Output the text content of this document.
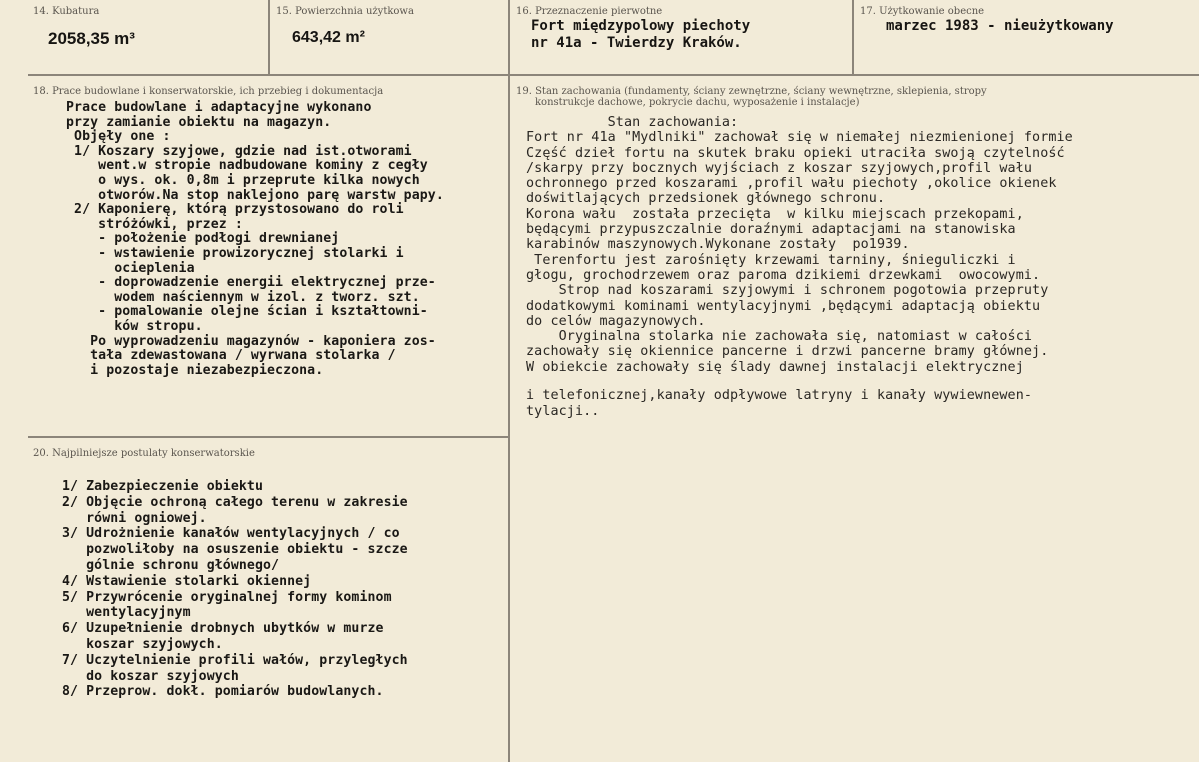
14. Kubatura
2058,35 m³
15. Powierzchnia użytkowa
643,42 m²
16. Przeznaczenie pierwotne
Fort międzypolowy piechoty
nr 41a - Twierdzy Kraków.
17. Użytkowanie obecne
marzec 1983 - nieużytkowany
18. Prace budowlane i konserwatorskie, ich przebieg i dokumentacja
Prace budowlane i adaptacyjne wykonano
przy zamianie obiektu na magazyn.
Objęły one :
1/ Koszary szyjowe, gdzie nad ist.otworami
went.w stropie nadbudowane kominy z cegły
o wys. ok. 0,8m i przeprute kilka nowych
otworów.Na stop naklejono parę warstw papy.
2/ Kaponierę, którą przystosowano do roli
stróżówki, przez :
- położenie podłogi drewnianej
- wstawienie prowizorycznej stolarki i
ocieplenia
- doprowadzenie energii elektrycznej prze-
wodem naściennym w izol. z tworz. szt.
- pomalowanie olejne ścian i kształtowni-
ków stropu.
Po wyprowadzeniu magazynów - kaponiera zos-
tała zdewastowana / wyrwana stolarka /
i pozostaje niezabezpieczona.
19. Stan zachowania (fundamenty, ściany zewnętrzne, ściany wewnętrzne, sklepienia, stropy
konstrukcje dachowe, pokrycie dachu, wyposażenie i instalacje)
Stan zachowania:
Fort nr 41a "Mydlniki" zachował się w niemałej niezmienionej formie
Część dzieł fortu na skutek braku opieki utraciła swoją czytelność
/skarpy przy bocznych wyjściach z koszar szyjowych,profil wału
ochronnego przed koszarami ,profil wału piechoty ,okolice okienek
doświtlających przedsionek głównego schronu.
Korona wału  została przecięta  w kilku miejscach przekopami,
będącymi przypuszczalnie doraźnymi adaptacjami na stanowiska
karabinów maszynowych.Wykonane zostały  po1939.
Terenfortu jest zarośnięty krzewami tarniny, śnieguliczki i
głogu, grochodrzewem oraz paroma dzikiemi drzewkami  owocowymi.
Strop nad koszarami szyjowymi i schronem pogotowia przepruty
dodatkowymi kominami wentylacyjnymi ,będącymi adaptacją obiektu
do celów magazynowych.
Oryginalna stolarka nie zachowała się, natomiast w całości
zachowały się okiennice pancerne i drzwi pancerne bramy głównej.
W obiekcie zachowały się ślady dawnej instalacji elektrycznej
i telefonicznej,kanały odpływowe latryny i kanały wywiewnewen-
tylacji..
20. Najpilniejsze postulaty konserwatorskie
1/ Zabezpieczenie obiektu
2/ Objęcie ochroną całego terenu w zakresie
równi ogniowej.
3/ Udrożnienie kanałów wentylacyjnych / co
pozwoliłoby na osuszenie obiektu - szcze
gólnie schronu głównego/
4/ Wstawienie stolarki okiennej
5/ Przywrócenie oryginalnej formy kominom
wentylacyjnym
6/ Uzupełnienie drobnych ubytków w murze
koszar szyjowych.
7/ Uczytelnienie profili wałów, przyległych
do koszar szyjowych
8/ Przeprow. dokł. pomiarów budowlanych.
